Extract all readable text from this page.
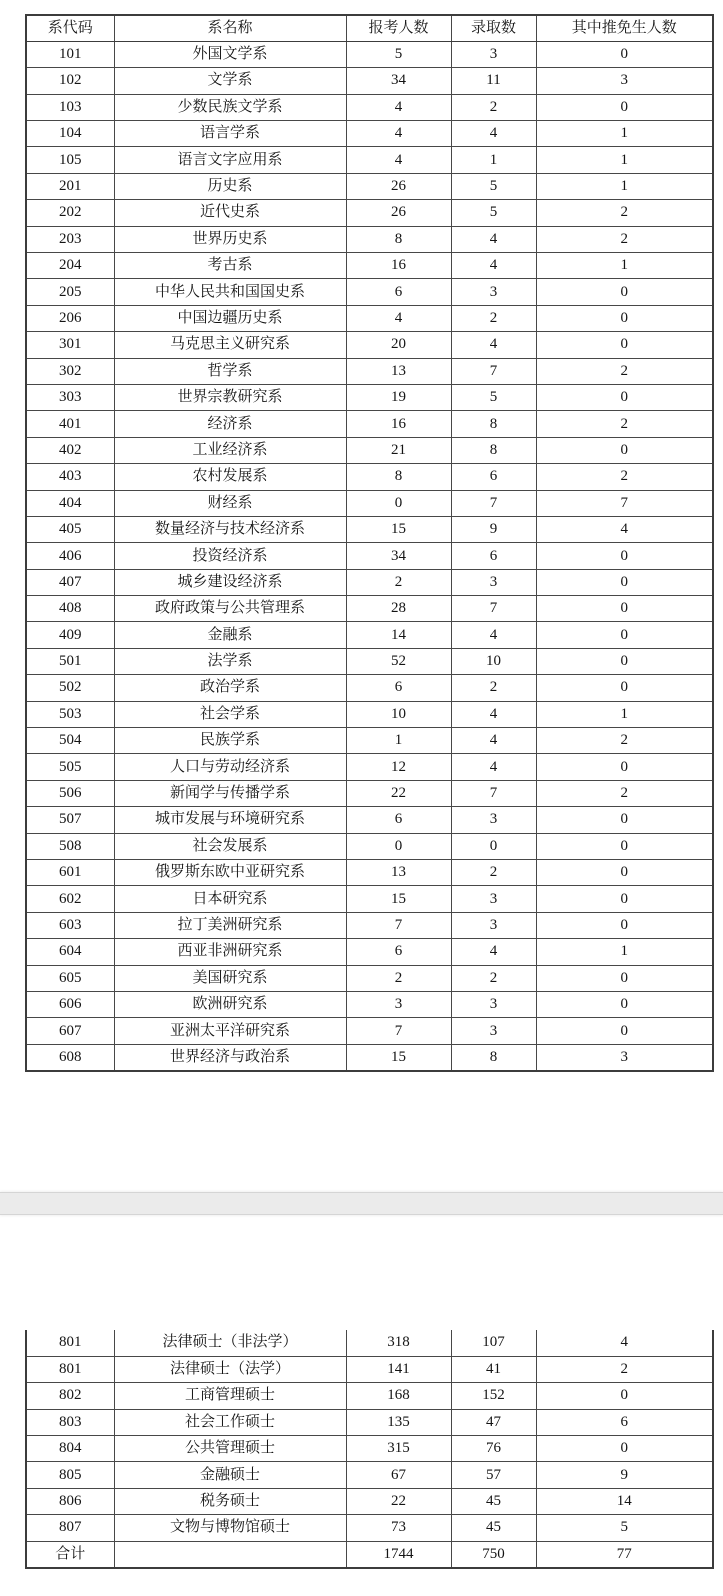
系代码	系名称	报考人数	录取数	其中推免生人数
101	外国文学系	5	3	0
102	文学系	34	11	3
103	少数民族文学系	4	2	0
104	语言学系	4	4	1
105	语言文字应用系	4	1	1
201	历史系	26	5	1
202	近代史系	26	5	2
203	世界历史系	8	4	2
204	考古系	16	4	1
205	中华人民共和国国史系	6	3	0
206	中国边疆历史系	4	2	0
301	马克思主义研究系	20	4	0
302	哲学系	13	7	2
303	世界宗教研究系	19	5	0
401	经济系	16	8	2
402	工业经济系	21	8	0
403	农村发展系	8	6	2
404	财经系	0	7	7
405	数量经济与技术经济系	15	9	4
406	投资经济系	34	6	0
407	城乡建设经济系	2	3	0
408	政府政策与公共管理系	28	7	0
409	金融系	14	4	0
501	法学系	52	10	0
502	政治学系	6	2	0
503	社会学系	10	4	1
504	民族学系	1	4	2
505	人口与劳动经济系	12	4	0
506	新闻学与传播学系	22	7	2
507	城市发展与环境研究系	6	3	0
508	社会发展系	0	0	0
601	俄罗斯东欧中亚研究系	13	2	0
602	日本研究系	15	3	0
603	拉丁美洲研究系	7	3	0
604	西亚非洲研究系	6	4	1
605	美国研究系	2	2	0
606	欧洲研究系	3	3	0
607	亚洲太平洋研究系	7	3	0
608	世界经济与政治系	15	8	3
801	法律硕士（非法学）	318	107	4
801	法律硕士（法学）	141	41	2
802	工商管理硕士	168	152	0
803	社会工作硕士	135	47	6
804	公共管理硕士	315	76	0
805	金融硕士	67	57	9
806	税务硕士	22	45	14
807	文物与博物馆硕士	73	45	5
合计		1744	750	77
